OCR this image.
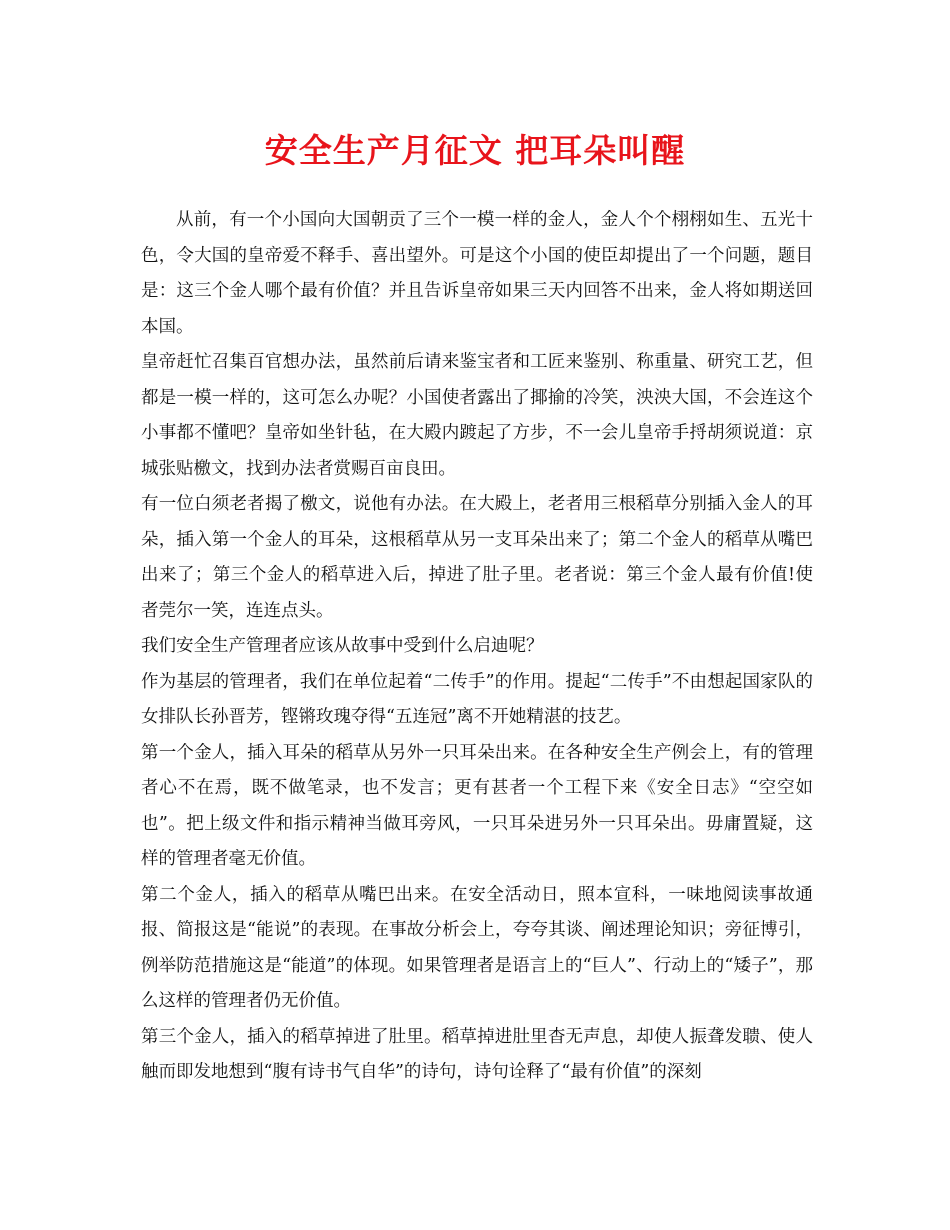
安全生产月征文 把耳朵叫醒

从前，有一个小国向大国朝贡了三个一模一样的金人，金人个个栩栩如生、五光十色，令大国的皇帝爱不释手、喜出望外。可是这个小国的使臣却提出了一个问题，题目是：这三个金人哪个最有价值？并且告诉皇帝如果三天内回答不出来，金人将如期送回本国。

皇帝赶忙召集百官想办法，虽然前后请来鉴宝者和工匠来鉴别、称重量、研究工艺，但都是一模一样的，这可怎么办呢？小国使者露出了揶揄的冷笑，泱泱大国，不会连这个小事都不懂吧？皇帝如坐针毡，在大殿内踱起了方步，不一会儿皇帝手捋胡须说道：京城张贴檄文，找到办法者赏赐百亩良田。

有一位白须老者揭了檄文，说他有办法。在大殿上，老者用三根稻草分别插入金人的耳朵，插入第一个金人的耳朵，这根稻草从另一支耳朵出来了；第二个金人的稻草从嘴巴出来了；第三个金人的稻草进入后，掉进了肚子里。老者说：第三个金人最有价值!使者莞尔一笑，连连点头。

我们安全生产管理者应该从故事中受到什么启迪呢？

作为基层的管理者，我们在单位起着“二传手”的作用。提起“二传手”不由想起国家队的女排队长孙晋芳，铿锵玫瑰夺得“五连冠”离不开她精湛的技艺。

第一个金人，插入耳朵的稻草从另外一只耳朵出来。在各种安全生产例会上，有的管理者心不在焉，既不做笔录，也不发言；更有甚者一个工程下来《安全日志》“空空如也”。把上级文件和指示精神当做耳旁风，一只耳朵进另外一只耳朵出。毋庸置疑，这样的管理者毫无价值。

第二个金人，插入的稻草从嘴巴出来。在安全活动日，照本宣科，一味地阅读事故通报、简报这是“能说”的表现。在事故分析会上，夸夸其谈、阐述理论知识；旁征博引，例举防范措施这是“能道”的体现。如果管理者是语言上的“巨人”、行动上的“矮子”，那么这样的管理者仍无价值。

第三个金人，插入的稻草掉进了肚里。稻草掉进肚里杳无声息，却使人振聋发聩、使人触而即发地想到“腹有诗书气自华”的诗句，诗句诠释了“最有价值”的深刻
